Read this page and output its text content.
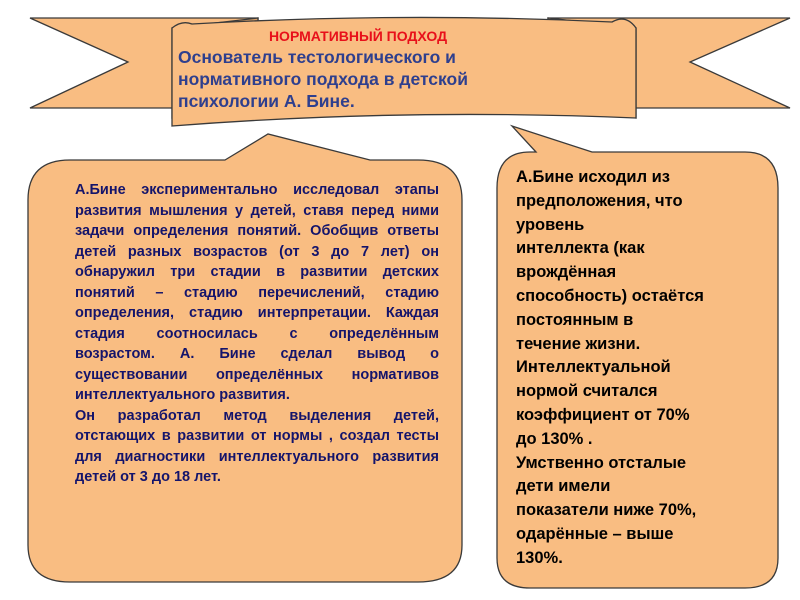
НОРМАТИВНЫЙ ПОДХОД
Основатель тестологического и
нормативного подхода в детской
психологии А. Бине.

А.Бине экспериментально исследовал этапы развития мышления у детей, ставя перед ними задачи определения понятий. Обобщив ответы детей разных возрастов (от 3 до 7 лет) он обнаружил три стадии в развитии детских понятий – стадию перечислений, стадию определения, стадию интерпретации. Каждая стадия соотносилась с определённым возрастом. А. Бине сделал вывод о существовании определённых нормативов интеллектуального развития.

Он разработал метод выделения детей, отстающих в развитии от нормы , создал тесты для диагностики интеллектуального развития детей от 3 до 18 лет.

А.Бине исходил из
предположения, что
уровень
интеллекта (как
врождённая
способность) остаётся
постоянным в
течение жизни.
Интеллектуальной
нормой считался
коэффициент от 70%
до 130% .
Умственно отсталые
дети имели
показатели ниже 70%,
одарённые – выше
130%.
